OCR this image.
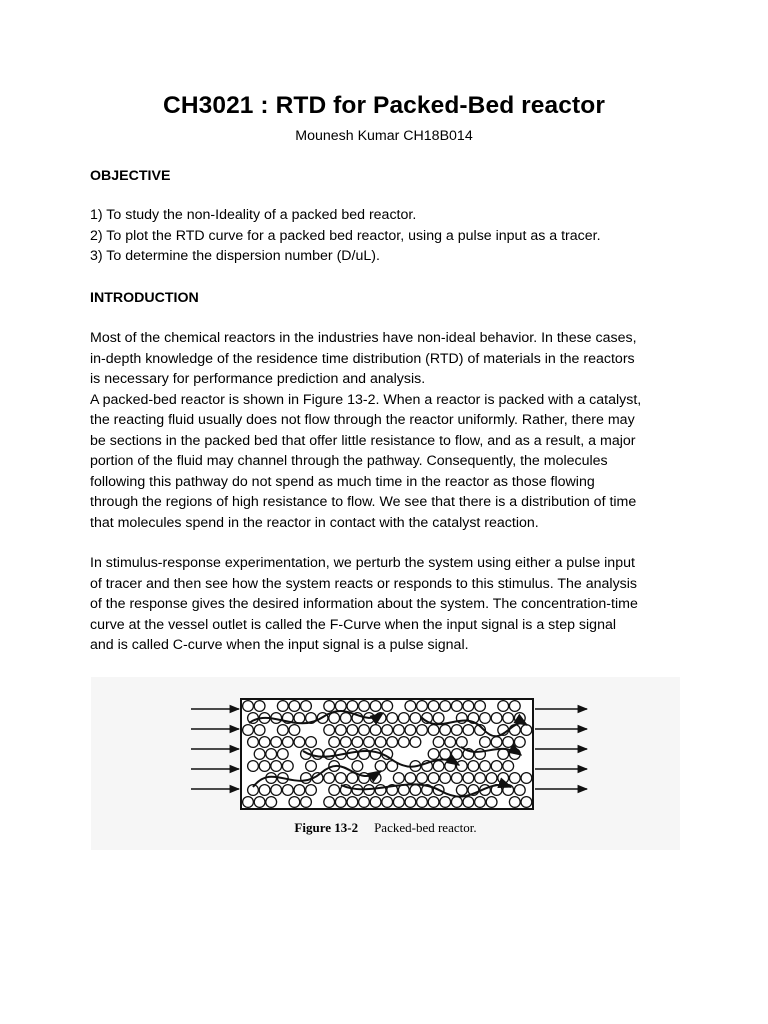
CH3021 : RTD for Packed-Bed reactor
Mounesh Kumar CH18B014
OBJECTIVE
1) To study the non-Ideality of a packed bed reactor.
2) To plot the RTD curve for a packed bed reactor, using a pulse input as a tracer.
3) To determine the dispersion number (D/uL).
INTRODUCTION
Most of the chemical reactors in the industries have non-ideal behavior. In these cases,
in-depth knowledge of the residence time distribution (RTD) of materials in the reactors
is necessary for performance prediction and analysis.
A packed-bed reactor is shown in Figure 13-2. When a reactor is packed with a catalyst,
the reacting fluid usually does not flow through the reactor uniformly. Rather, there may
be sections in the packed bed that offer little resistance to flow, and as a result, a major
portion of the fluid may channel through the pathway. Consequently, the molecules
following this pathway do not spend as much time in the reactor as those flowing
through the regions of high resistance to flow. We see that there is a distribution of time
that molecules spend in the reactor in contact with the catalyst reaction.
In stimulus-response experimentation, we perturb the system using either a pulse input
of tracer and then see how the system reacts or responds to this stimulus. The analysis
of the response gives the desired information about the system. The concentration-time
curve at the vessel outlet is called the F-Curve when the input signal is a step signal
and is called C-curve when the input signal is a pulse signal.
Figure 13-2 Packed-bed reactor.
